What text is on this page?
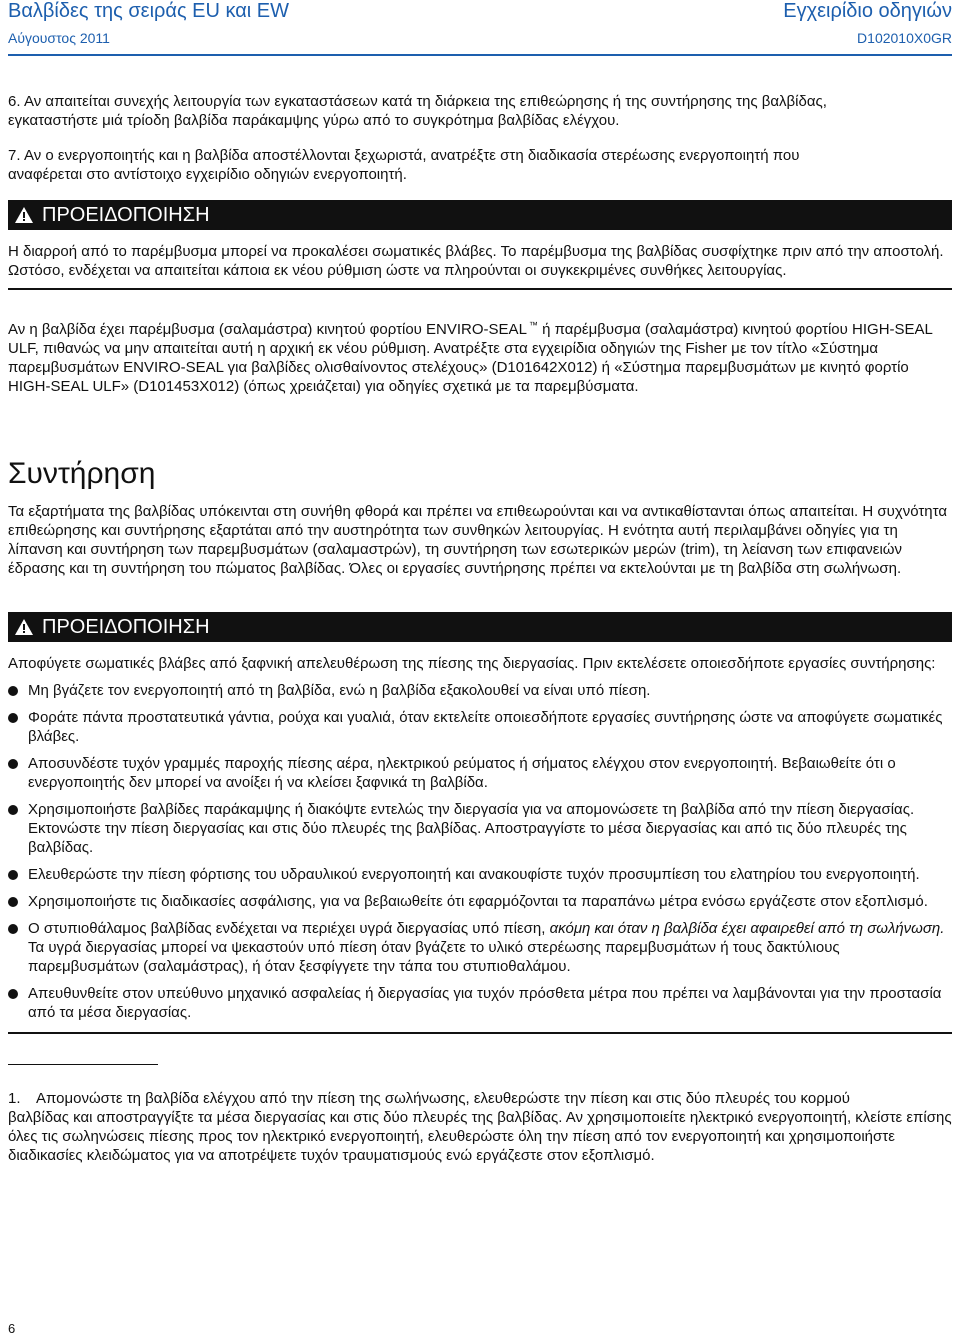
Βαλβίδες της σειράς EU και EW
Αύγουστος 2011
Εγχειρίδιο οδηγιών
D102010X0GR
6. Αν απαιτείται συνεχής λειτουργία των εγκαταστάσεων κατά τη διάρκεια της επιθεώρησης ή της συντήρησης της βαλβίδας,
εγκαταστήστε μιά τρίοδη βαλβίδα παράκαμψης γύρω από το συγκρότημα βαλβίδας ελέγχου.
7. Αν ο ενεργοποιητής και η βαλβίδα αποστέλλονται ξεχωριστά, ανατρέξτε στη διαδικασία στερέωσης ενεργοποιητή που
αναφέρεται στο αντίστοιχο εγχειρίδιο οδηγιών ενεργοποιητή.
ΠΡΟΕΙΔΟΠΟΙΗΣΗ

Η διαρροή από το παρέμβυσμα μπορεί να προκαλέσει σωματικές βλάβες. Το παρέμβυσμα της βαλβίδας συσφίχτηκε πριν από την αποστολή. Ωστόσο, ενδέχεται να απαιτείται κάποια εκ νέου ρύθμιση ώστε να πληρούνται οι συγκεκριμένες συνθήκες λειτουργίας.

Αν η βαλβίδα έχει παρέμβυσμα (σαλαμάστρα) κινητού φορτίου ENVIRO-SEAL ™ ή παρέμβυσμα (σαλαμάστρα) κινητού φορτίου HIGH-SEAL ULF, πιθανώς να μην απαιτείται αυτή η αρχική εκ νέου ρύθμιση. Ανατρέξτε στα εγχειρίδια οδηγιών της Fisher με τον τίτλο «Σύστημα παρεμβυσμάτων ENVIRO-SEAL για βαλβίδες ολισθαίνοντος στελέχους» (D101642X012) ή «Σύστημα παρεμβυσμάτων με κινητό φορτίο HIGH-SEAL ULF» (D101453X012) (όπως χρειάζεται) για οδηγίες σχετικά με τα παρεμβύσματα.

Συντήρηση

Τα εξαρτήματα της βαλβίδας υπόκεινται στη συνήθη φθορά και πρέπει να επιθεωρούνται και να αντικαθίστανται όπως απαιτείται. Η συχνότητα επιθεώρησης και συντήρησης εξαρτάται από την αυστηρότητα των συνθηκών λειτουργίας. Η ενότητα αυτή περιλαμβάνει οδηγίες για τη λίπανση και συντήρηση των παρεμβυσμάτων (σαλαμαστρών), τη συντήρηση των εσωτερικών μερών (trim), τη λείανση των επιφανειών έδρασης και τη συντήρηση του πώματος βαλβίδας. Όλες οι εργασίες συντήρησης πρέπει να εκτελούνται με τη βαλβίδα στη σωλήνωση.

ΠΡΟΕΙΔΟΠΟΙΗΣΗ

Αποφύγετε σωματικές βλάβες από ξαφνική απελευθέρωση της πίεσης της διεργασίας. Πριν εκτελέσετε οποιεσδήποτε εργασίες συντήρησης:

Μη βγάζετε τον ενεργοποιητή από τη βαλβίδα, ενώ η βαλβίδα εξακολουθεί να είναι υπό πίεση.
Φοράτε πάντα προστατευτικά γάντια, ρούχα και γυαλιά, όταν εκτελείτε οποιεσδήποτε εργασίες συντήρησης ώστε να αποφύγετε σωματικές βλάβες.
Αποσυνδέστε τυχόν γραμμές παροχής πίεσης αέρα, ηλεκτρικού ρεύματος ή σήματος ελέγχου στον ενεργοποιητή. Βεβαιωθείτε ότι ο ενεργοποιητής δεν μπορεί να ανοίξει ή να κλείσει ξαφνικά τη βαλβίδα.
Χρησιμοποιήστε βαλβίδες παράκαμψης ή διακόψτε εντελώς την διεργασία για να απομονώσετε τη βαλβίδα από την πίεση διεργασίας. Εκτονώστε την πίεση διεργασίας και στις δύο πλευρές της βαλβίδας. Αποστραγγίστε το μέσα διεργασίας και από τις δύο πλευρές της βαλβίδας.
Ελευθερώστε την πίεση φόρτισης του υδραυλικού ενεργοποιητή και ανακουφίστε τυχόν προσυμπίεση του ελατηρίου του ενεργοποιητή.
Χρησιμοποιήστε τις διαδικασίες ασφάλισης, για να βεβαιωθείτε ότι εφαρμόζονται τα παραπάνω μέτρα ενόσω εργάζεστε στον εξοπλισμό.
Ο στυπιοθάλαμος βαλβίδας ενδέχεται να περιέχει υγρά διεργασίας υπό πίεση, ακόμη και όταν η βαλβίδα έχει αφαιρεθεί από τη σωλήνωση. Τα υγρά διεργασίας μπορεί να ψεκαστούν υπό πίεση όταν βγάζετε το υλικό στερέωσης παρεμβυσμάτων ή τους δακτύλιους παρεμβυσμάτων (σαλαμάστρας), ή όταν ξεσφίγγετε την τάπα του στυπιοθαλάμου.
Απευθυνθείτε στον υπεύθυνο μηχανικό ασφαλείας ή διεργασίας για τυχόν πρόσθετα μέτρα που πρέπει να λαμβάνονται για την προστασία από τα μέσα διεργασίας.
1.	Απομονώστε τη βαλβίδα ελέγχου από την πίεση της σωλήνωσης, ελευθερώστε την πίεση και στις δύο πλευρές του κορμού
βαλβίδας και αποστραγγίξτε τα μέσα διεργασίας και στις δύο πλευρές της βαλβίδας. Αν χρησιμοποιείτε ηλεκτρικό ενεργοποιητή, κλείστε επίσης όλες τις σωληνώσεις πίεσης προς τον ηλεκτρικό ενεργοποιητή, ελευθερώστε όλη την πίεση από τον ενεργοποιητή και χρησιμοποιήστε διαδικασίες κλειδώματος για να αποτρέψετε τυχόν τραυματισμούς ενώ εργάζεστε στον εξοπλισμό.
6
